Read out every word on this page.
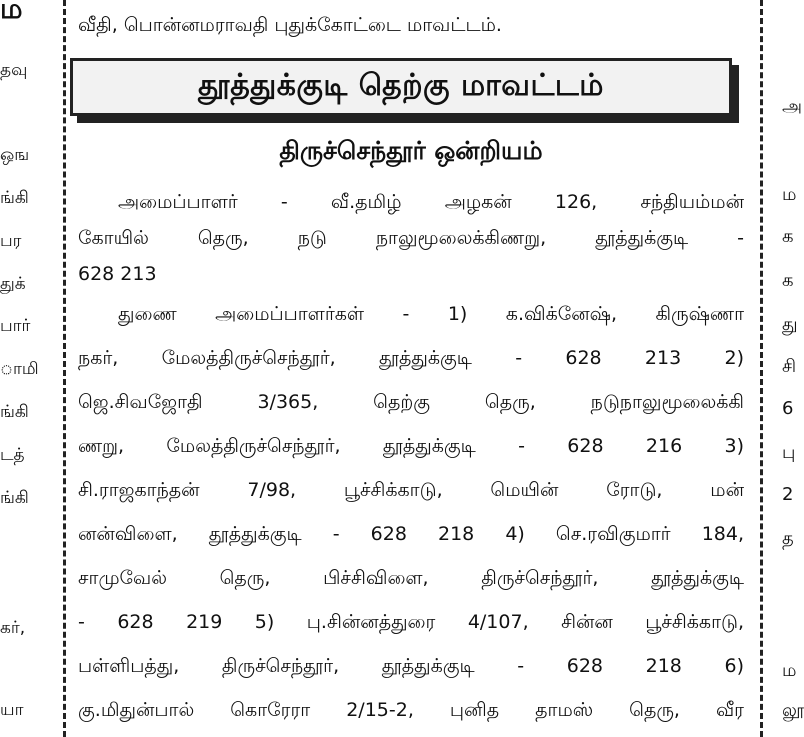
ம
தவு
ஒங
ங்கி
பர
துக்
பார்
ாமி
ங்கி
டத்
ங்கி
கர்,
யா
வீதி, பொன்னமராவதி புதுக்கோட்டை மாவட்டம்.
தூத்துக்குடி தெற்கு மாவட்டம்
திருச்செந்தூர் ஒன்றியம்
அமைப்பாளர் - வீ.தமிழ் அழகன் 126, சந்தியம்மன்
கோயில் தெரு, நடு நாலுமூலைக்கிணறு, தூத்துக்குடி -
628 213
துணை அமைப்பாளர்கள் - 1) க.விக்னேஷ், கிருஷ்ணா
நகர், மேலத்திருச்செந்தூர், தூத்துக்குடி - 628 213 2)
ஜெ.சிவஜோதி 3/365, தெற்கு தெரு, நடுநாலுமூலைக்கி
ணறு, மேலத்திருச்செந்தூர், தூத்துக்குடி - 628 216 3)
சி.ராஜகாந்தன் 7/98, பூச்சிக்காடு, மெயின் ரோடு, மன்
னன்விளை, தூத்துக்குடி - 628 218 4) செ.ரவிகுமார் 184,
சாமுவேல் தெரு, பிச்சிவிளை, திருச்செந்தூர், தூத்துக்குடி
- 628 219 5) பு.சின்னத்துரை 4/107, சின்ன பூச்சிக்காடு,
பள்ளிபத்து, திருச்செந்தூர், தூத்துக்குடி - 628 218 6)
கு.மிதுன்பால் கொரேரா 2/15-2, புனித தாமஸ் தெரு, வீர
அ
ம
க
க
து
சி
6
பு
2
த
ம
லூ
